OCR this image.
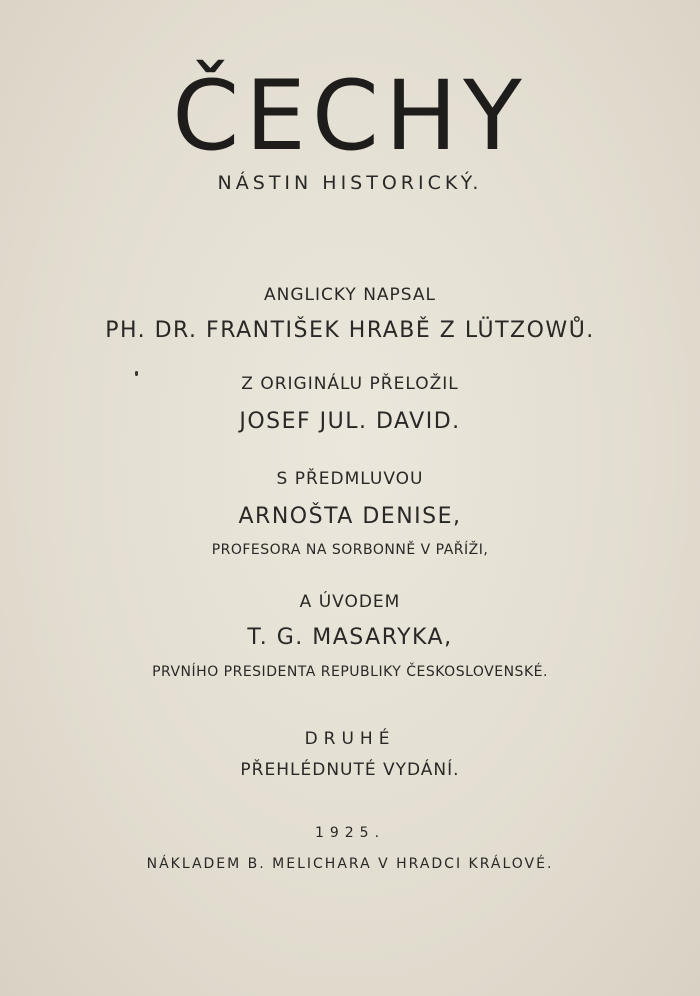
ČECHY

NÁSTIN HISTORICKÝ.

ANGLICKY NAPSAL

PH. DR. FRANTIŠEK HRABĚ Z LÜTZOWŮ.

Z ORIGINÁLU PŘELOŽIL

JOSEF JUL. DAVID.

S PŘEDMLUVOU

ARNOŠTA DENISE,

PROFESORA NA SORBONNĚ V PAŘÍŽI,

A ÚVODEM

T. G. MASARYKA,

PRVNÍHO PRESIDENTA REPUBLIKY ČESKOSLOVENSKÉ.

DRUHÉ

PŘEHLÉDNUTÉ VYDÁNÍ.

1925.

NÁKLADEM B. MELICHARA V HRADCI KRÁLOVÉ.
